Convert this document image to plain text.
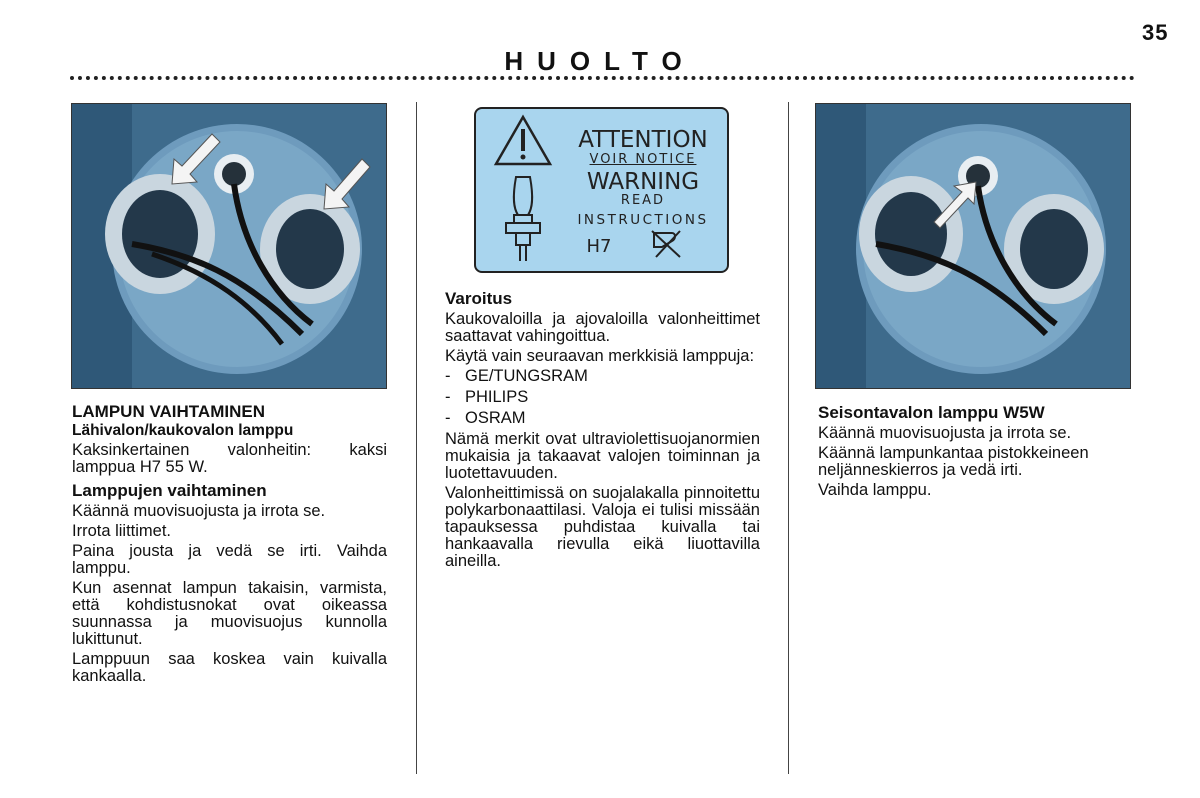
35
HUOLTO
LAMPUN VAIHTAMINEN
Lähivalon/kaukovalon lamppu

Kaksinkertainen valonheitin: kaksi lamppua H7 55 W.

Lamppujen vaihtaminen

Käännä muovisuojusta ja irrota se.

Irrota liittimet.

Paina jousta ja vedä se irti. Vaihda lamppu.

Kun asennat lampun takaisin, varmista, että kohdistusnokat ovat oikeassa suunnassa ja muovisuojus kunnolla lukittunut.

Lamppuun saa koskea vain kuivalla kankaalla.

ATTENTION
VOIR NOTICE
WARNING
READ
INSTRUCTIONS
H7
Varoitus

Kaukovaloilla ja ajovaloilla valonheittimet saattavat vahingoittua.

Käytä vain seuraavan merkkisiä lamppuja:

- GE/TUNGSRAM
- PHILIPS
- OSRAM

Nämä merkit ovat ultraviolettisuojanormien mukaisia ja takaavat valojen toiminnan ja luotettavuuden.

Valonheittimissä on suojalakalla pinnoitettu polykarbonaattilasi. Valoja ei tulisi missään tapauksessa puhdistaa kuivalla tai hankaavalla rievulla eikä liuottavilla aineilla.

Seisontavalon lamppu W5W

Käännä muovisuojusta ja irrota se.

Käännä lampunkantaa pistokkeineen neljänneskierros ja vedä irti.

Vaihda lamppu.
